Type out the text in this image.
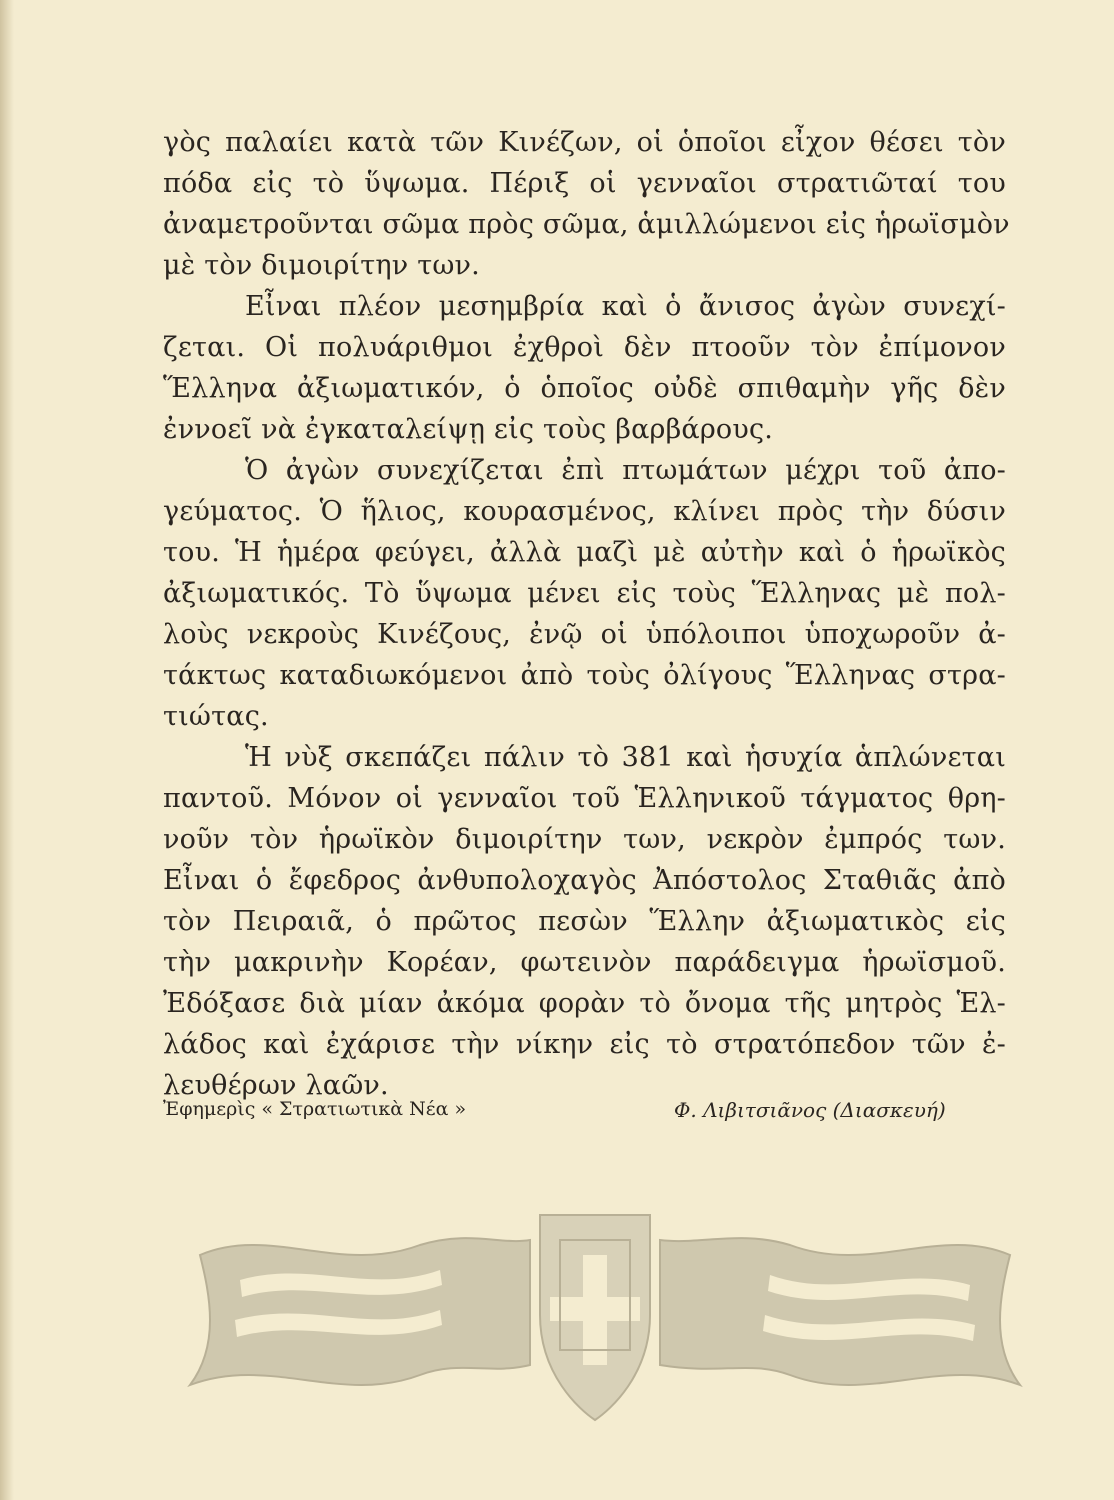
γὸς παλαίει κατὰ τῶν Κινέζων, οἱ ὁποῖοι εἶχον θέσει τὸν
πόδα εἰς τὸ ὕψωμα. Πέριξ οἱ γενναῖοι στρατιῶταί του
ἀναμετροῦνται σῶμα πρὸς σῶμα, ἁμιλλώμενοι εἰς ἡρωϊσμὸν
μὲ τὸν διμοιρίτην των.
Εἶναι πλέον μεσημβρία καὶ ὁ ἄνισος ἀγὼν συνεχί-
ζεται. Οἱ πολυάριθμοι ἐχθροὶ δὲν πτοοῦν τὸν ἐπίμονον
Ἕλληνα ἀξιωματικόν, ὁ ὁποῖος οὐδὲ σπιθαμὴν γῆς δὲν
ἐννοεῖ νὰ ἐγκαταλείψῃ εἰς τοὺς βαρβάρους.
Ὁ ἀγὼν συνεχίζεται ἐπὶ πτωμάτων μέχρι τοῦ ἀπο-
γεύματος. Ὁ ἥλιος, κουρασμένος, κλίνει πρὸς τὴν δύσιν
του. Ἡ ἡμέρα φεύγει, ἀλλὰ μαζὶ μὲ αὐτὴν καὶ ὁ ἡρωϊκὸς
ἀξιωματικός. Τὸ ὕψωμα μένει εἰς τοὺς Ἕλληνας μὲ πολ-
λοὺς νεκροὺς Κινέζους, ἐνῷ οἱ ὑπόλοιποι ὑποχωροῦν ἀ-
τάκτως καταδιωκόμενοι ἀπὸ τοὺς ὀλίγους Ἕλληνας στρα-
τιώτας.
Ἡ νὺξ σκεπάζει πάλιν τὸ 381 καὶ ἡσυχία ἁπλώνεται
παντοῦ. Μόνον οἱ γενναῖοι τοῦ Ἑλληνικοῦ τάγματος θρη-
νοῦν τὸν ἡρωϊκὸν διμοιρίτην των, νεκρὸν ἐμπρός των.
Εἶναι ὁ ἔφεδρος ἀνθυπολοχαγὸς Ἀπόστολος Σταθιᾶς ἀπὸ
τὸν Πειραιᾶ, ὁ πρῶτος πεσὼν Ἕλλην ἀξιωματικὸς εἰς
τὴν μακρινὴν Κορέαν, φωτεινὸν παράδειγμα ἡρωϊσμοῦ.
Ἐδόξασε διὰ μίαν ἀκόμα φορὰν τὸ ὄνομα τῆς μητρὸς Ἑλ-
λάδος καὶ ἐχάρισε τὴν νίκην εἰς τὸ στρατόπεδον τῶν ἐ-
λευθέρων λαῶν.
Ἐφημερὶς « Στρατιωτικὰ Νέα »	Φ. Λιβιτσιᾶνος (Διασκευή)
